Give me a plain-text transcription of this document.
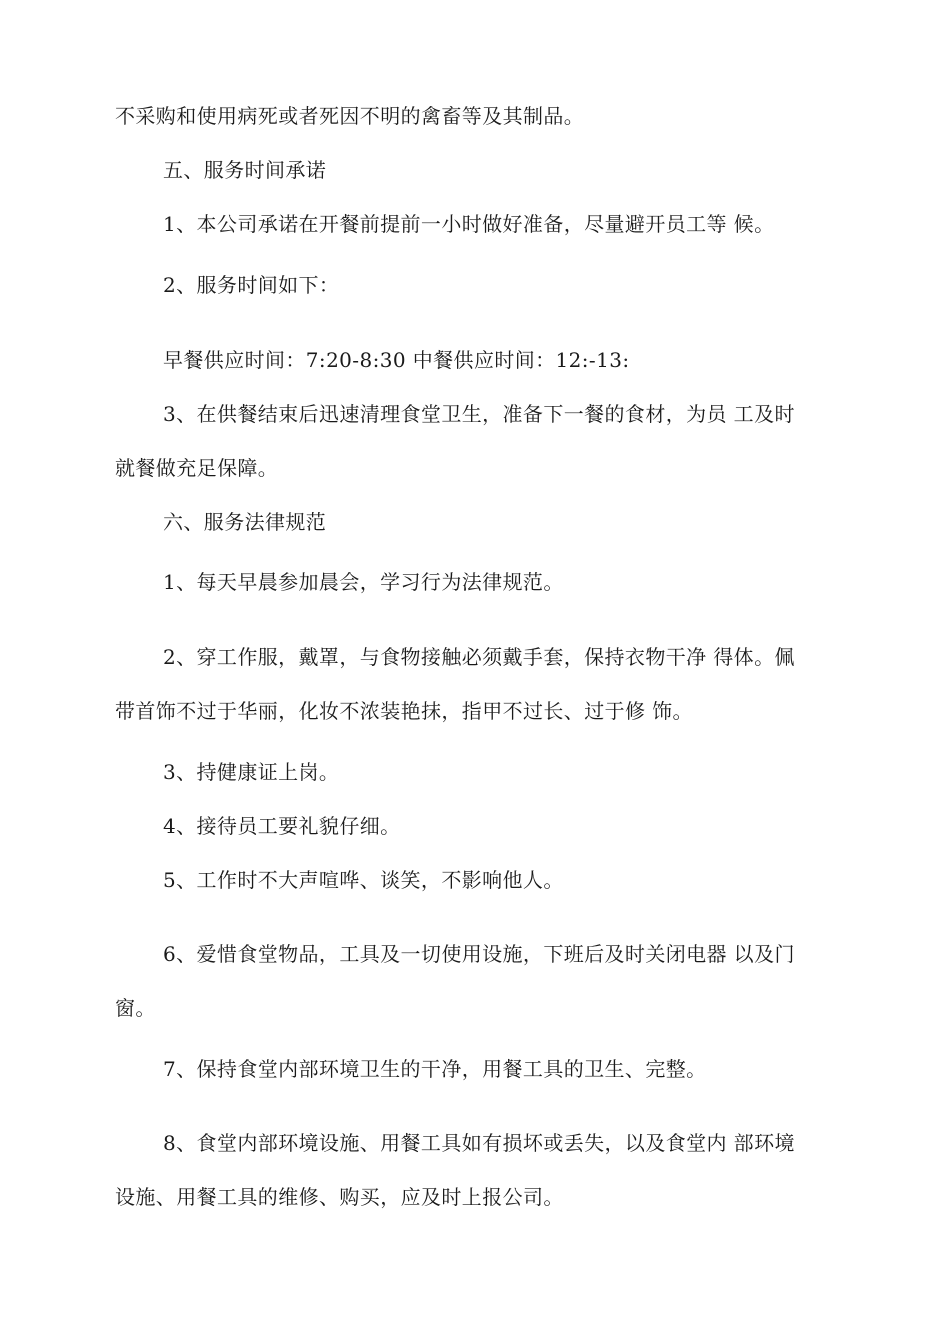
不采购和使用病死或者死因不明的禽畜等及其制品。
五、服务时间承诺
1、本公司承诺在开餐前提前一小时做好准备，尽量避开员工等 候。
2、服务时间如下：
早餐供应时间：7:20-8:30 中餐供应时间：12:-13:
3、在供餐结束后迅速清理食堂卫生，准备下一餐的食材，为员 工及时
就餐做充足保障。
六、服务法律规范
1、每天早晨参加晨会，学习行为法律规范。
2、穿工作服，戴罩，与食物接触必须戴手套，保持衣物干净 得体。佩
带首饰不过于华丽，化妆不浓装艳抹，指甲不过长、过于修 饰。
3、持健康证上岗。
4、接待员工要礼貌仔细。
5、工作时不大声喧哗、谈笑，不影响他人。
6、爱惜食堂物品，工具及一切使用设施，下班后及时关闭电器 以及门
窗。
7、保持食堂内部环境卫生的干净，用餐工具的卫生、完整。
8、食堂内部环境设施、用餐工具如有损坏或丢失，以及食堂内 部环境
设施、用餐工具的维修、购买，应及时上报公司。
